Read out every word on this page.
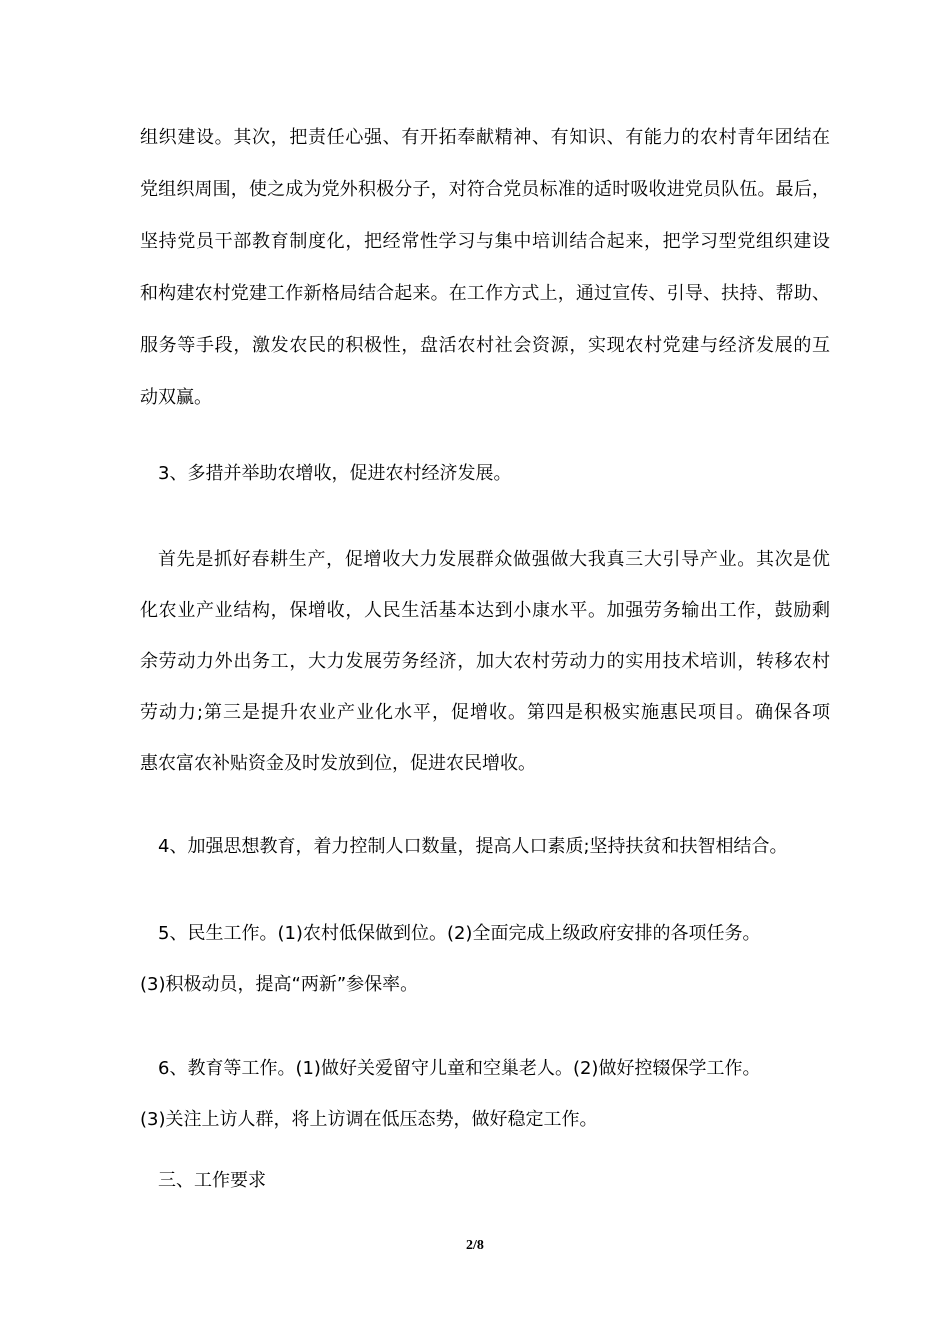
组织建设。其次，把责任心强、有开拓奉献精神、有知识、有能力的农村青年团结在
党组织周围，使之成为党外积极分子，对符合党员标准的适时吸收进党员队伍。最后，
坚持党员干部教育制度化，把经常性学习与集中培训结合起来，把学习型党组织建设
和构建农村党建工作新格局结合起来。在工作方式上，通过宣传、引导、扶持、帮助、
服务等手段，激发农民的积极性，盘活农村社会资源，实现农村党建与经济发展的互
动双赢。
3、多措并举助农增收，促进农村经济发展。
首先是抓好春耕生产，促增收大力发展群众做强做大我真三大引导产业。其次是优
化农业产业结构，保增收，人民生活基本达到小康水平。加强劳务输出工作，鼓励剩
余劳动力外出务工，大力发展劳务经济，加大农村劳动力的实用技术培训，转移农村
劳动力;第三是提升农业产业化水平，促增收。第四是积极实施惠民项目。确保各项
惠农富农补贴资金及时发放到位，促进农民增收。
4、加强思想教育，着力控制人口数量，提高人口素质;坚持扶贫和扶智相结合。
5、民生工作。(1)农村低保做到位。(2)全面完成上级政府安排的各项任务。
(3)积极动员，提高“两新”参保率。
6、教育等工作。(1)做好关爱留守儿童和空巢老人。(2)做好控辍保学工作。
(3)关注上访人群，将上访调在低压态势，做好稳定工作。
三、工作要求
2/8
